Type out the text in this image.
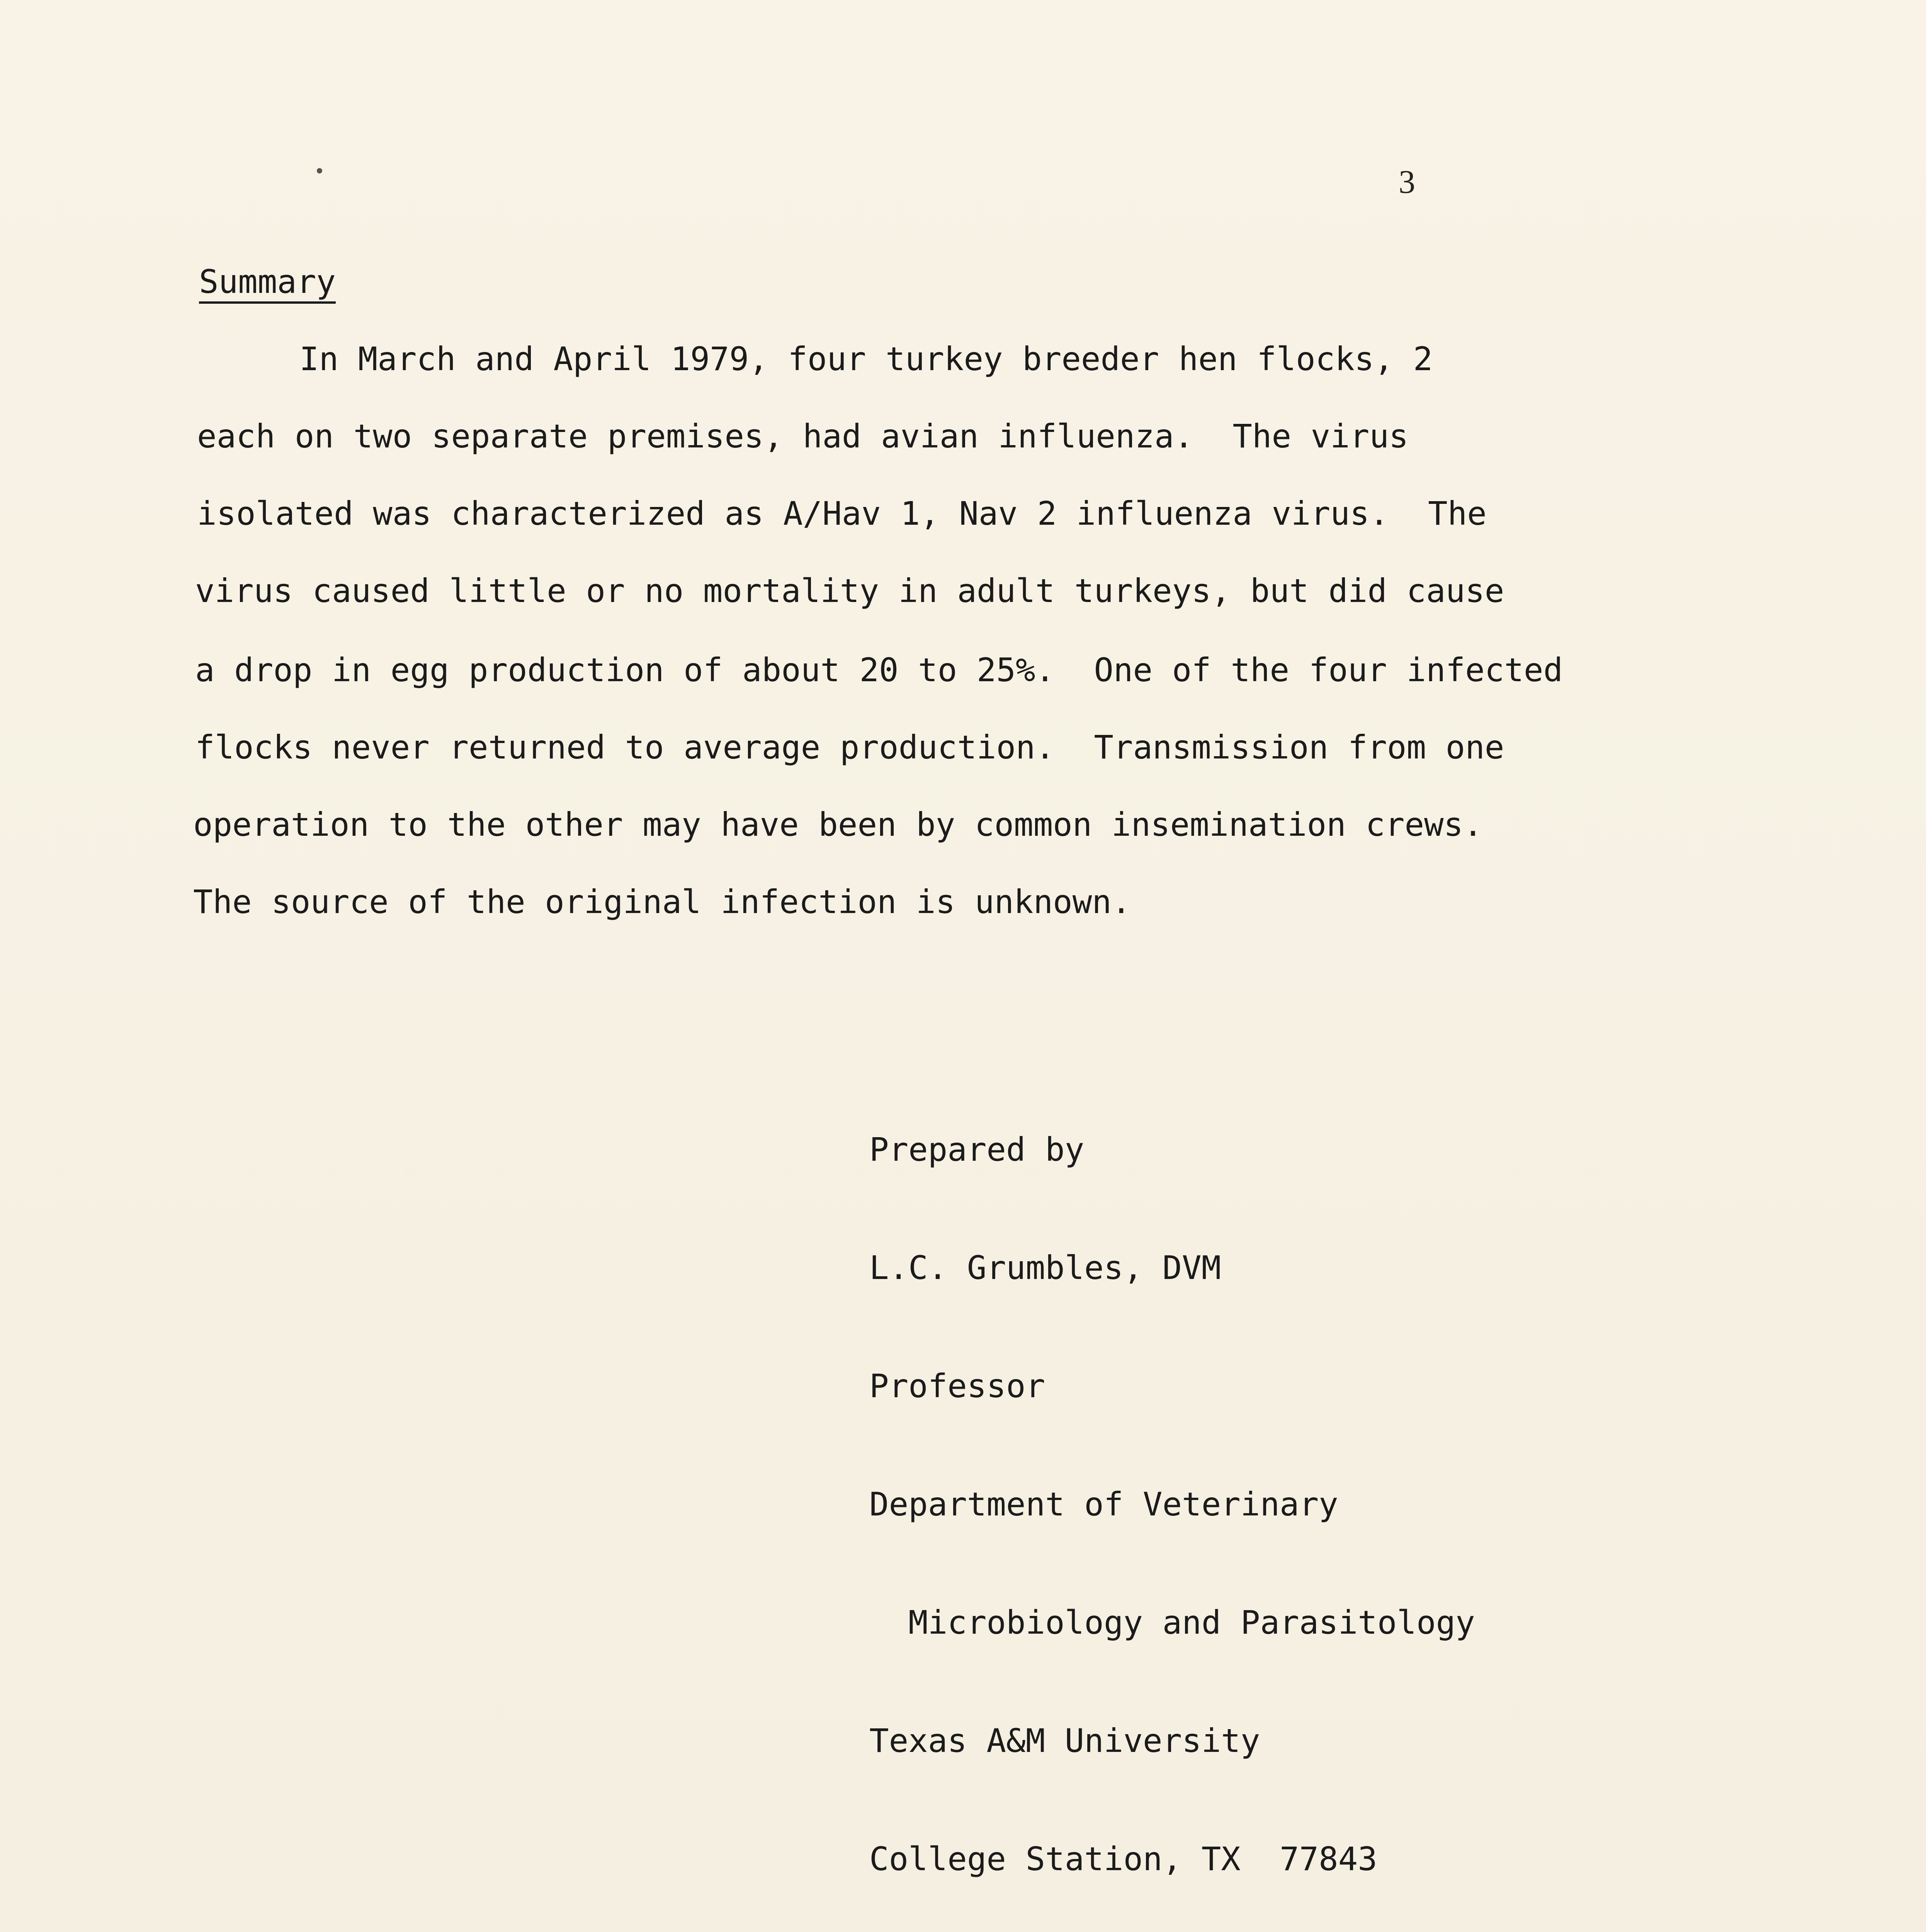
3
Summary
In March and April 1979, four turkey breeder hen flocks, 2
each on two separate premises, had avian influenza.  The virus
isolated was characterized as A/Hav 1, Nav 2 influenza virus.  The
virus caused little or no mortality in adult turkeys, but did cause
a drop in egg production of about 20 to 25%.  One of the four infected
flocks never returned to average production.  Transmission from one
operation to the other may have been by common insemination crews.
The source of the original infection is unknown.

Prepared by

L.C. Grumbles, DVM

Professor

Department of Veterinary

Microbiology and Parasitology

Texas A&M University

College Station, TX  77843
